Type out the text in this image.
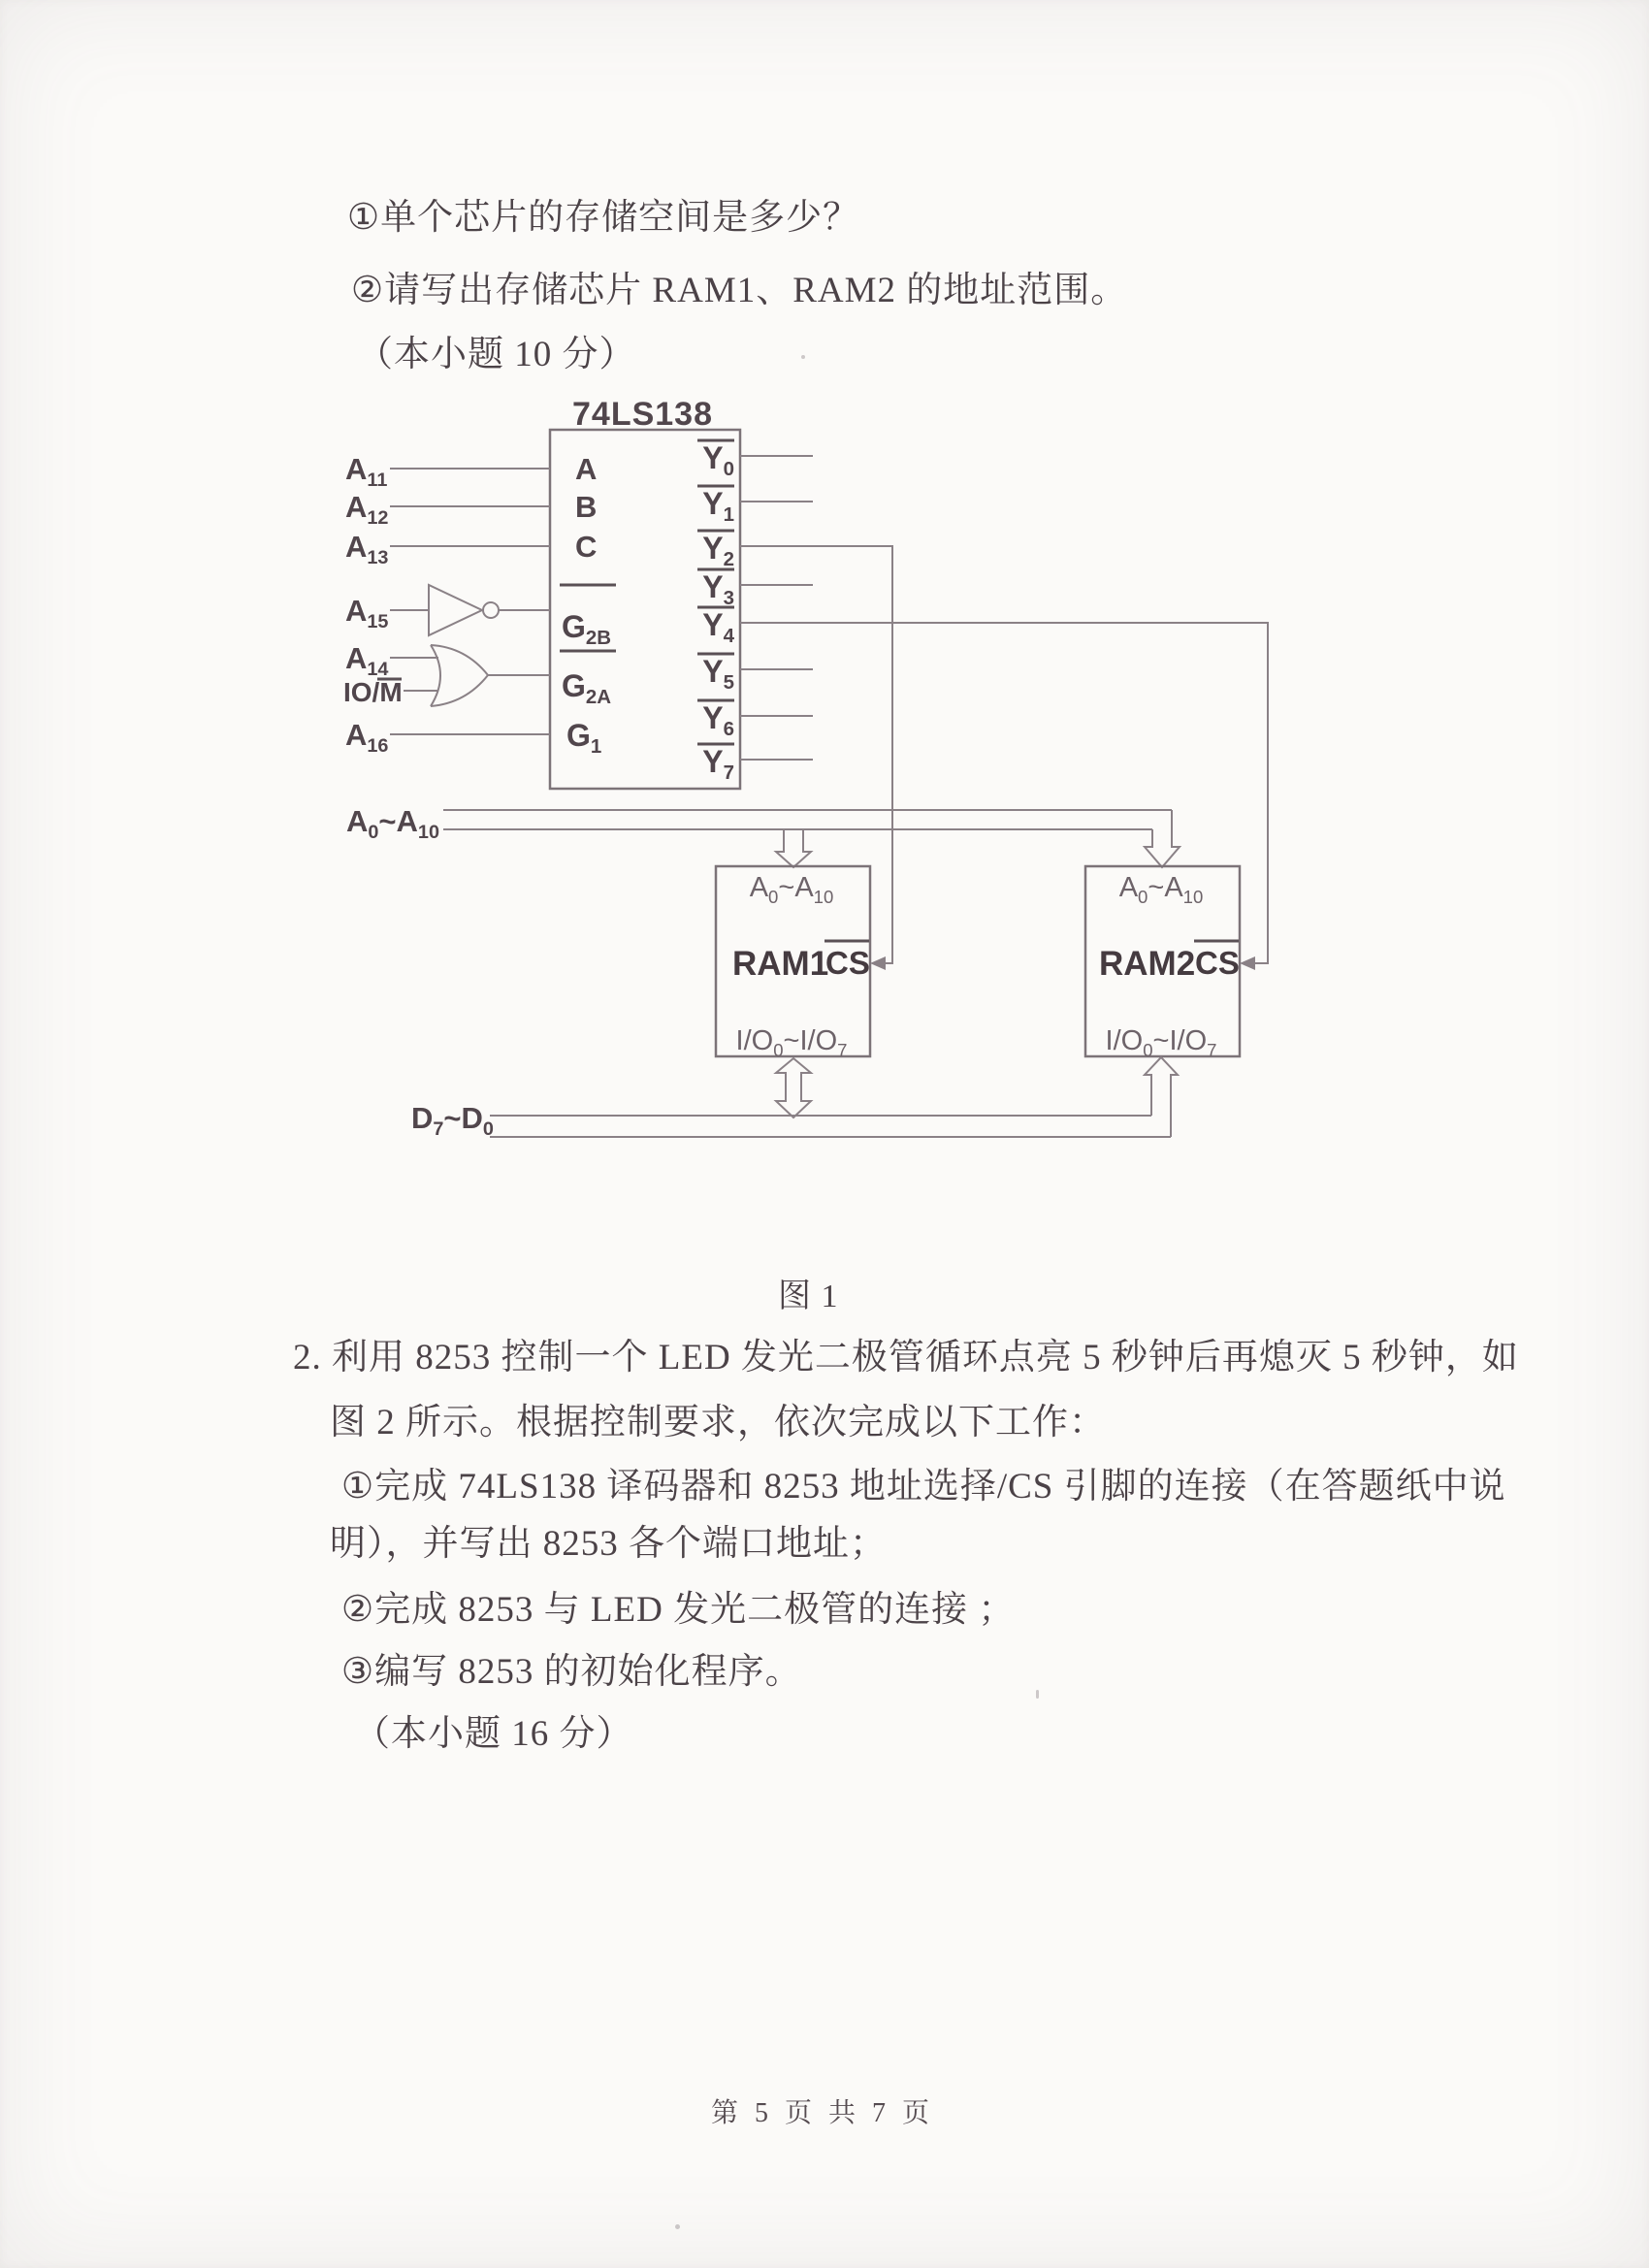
①单个芯片的存储空间是多少？
②请写出存储芯片 RAM1、RAM2 的地址范围。
（本小题 10 分）
74LS138
A
B
C
$G_{2B}$
$G_{2A}$
$G_1$
$Y_0$
$Y_1$
$Y_2$
$Y_3$
$Y_4$
$Y_5$
$Y_6$
$Y_7$
$A_{11}$
$A_{12}$
$A_{13}$
$A_{15}$
$A_{14}$
IO/M
$A_{16}$
$A_0\sim A_{10}$
$A_0\sim A_{10}$
RAM1
CS
$I/O_0\sim I/O_7$
$A_0\sim A_{10}$
RAM2 CS
$I/O_0\sim I/O_7$
$D_7\sim D_0$
图 1
2. 利用 8253 控制一个 LED 发光二极管循环点亮 5 秒钟后再熄灭 5 秒钟，如
图 2 所示。根据控制要求，依次完成以下工作：
①完成 74LS138 译码器和 8253 地址选择/CS 引脚的连接（在答题纸中说
明），并写出 8253 各个端口地址；
②完成 8253 与 LED 发光二极管的连接 ；
③编写 8253 的初始化程序。
（本小题 16 分）
第 5 页 共 7 页
